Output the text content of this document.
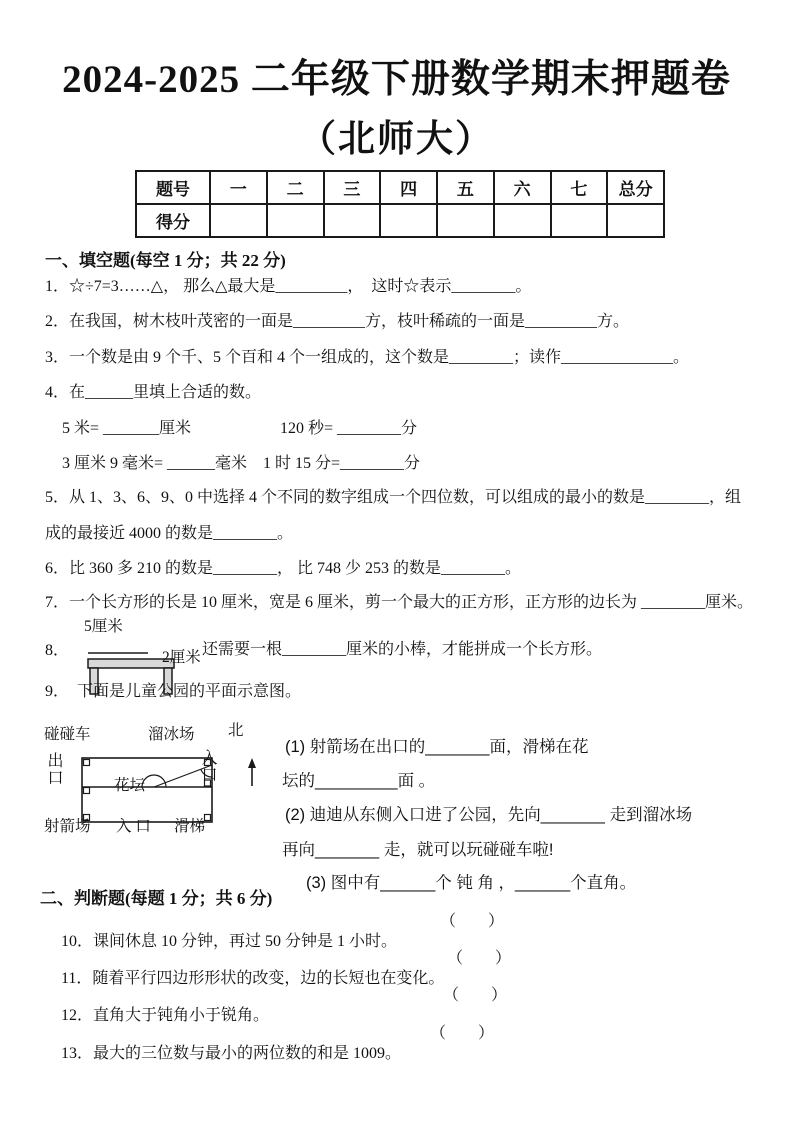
2024-2025 二年级下册数学期末押题卷
（北师大）
题号	一	二	三	四	五	六	七	总分
得分								
一、填空题(每空 1 分；共 22 分)
1．☆÷7=3……△， 那么△最大是_________，  这时☆表示________。
2．在我国，树木枝叶茂密的一面是_________方，枝叶稀疏的一面是_________方。
3．一个数是由 9 个千、5 个百和 4 个一组成的，这个数是________；读作______________。
4．在______里填上合适的数。
5 米= _______厘米	120 秒= ________分
3 厘米 9 毫米= ______毫米　1 时 15 分=________分
5．从 1、3、6、9、0 中选择 4 个不同的数字组成一个四位数，可以组成的最小的数是________，组
成的最接近 4000 的数是________。
6．比 360 多 210 的数是________， 比 748 少 253 的数是________。
7．一个长方形的长是 10 厘米，宽是 6 厘米，剪一个最大的正方形，正方形的边长为 ________厘米。
8．

5厘米

2厘米

还需要一根________厘米的小棒，才能拼成一个长方形。
9．  下面是儿童公园的平面示意图。

碰碰车

	溜冰场

出口

入口

花坛

射箭场

入 口

滑梯

北

(1) 射箭场在出口的_______面，滑梯在花
坛的_________面 。
(2) 迪迪从东侧入口进了公园，先向_______ 走到溜冰场
再向_______ 走，就可以玩碰碰车啦!
(3) 图中有______个 钝 角 ，______个直角。
二、判断题(每题 1 分；共 6 分)

10．课间休息 10 分钟，再过 50 分钟是 1 小时。

（　　）

11．随着平行四边形形状的改变，边的长短也在变化。

（　　）

12．直角大于钝角小于锐角。

（　　）

13．最大的三位数与最小的两位数的和是 1009。

（　　）
